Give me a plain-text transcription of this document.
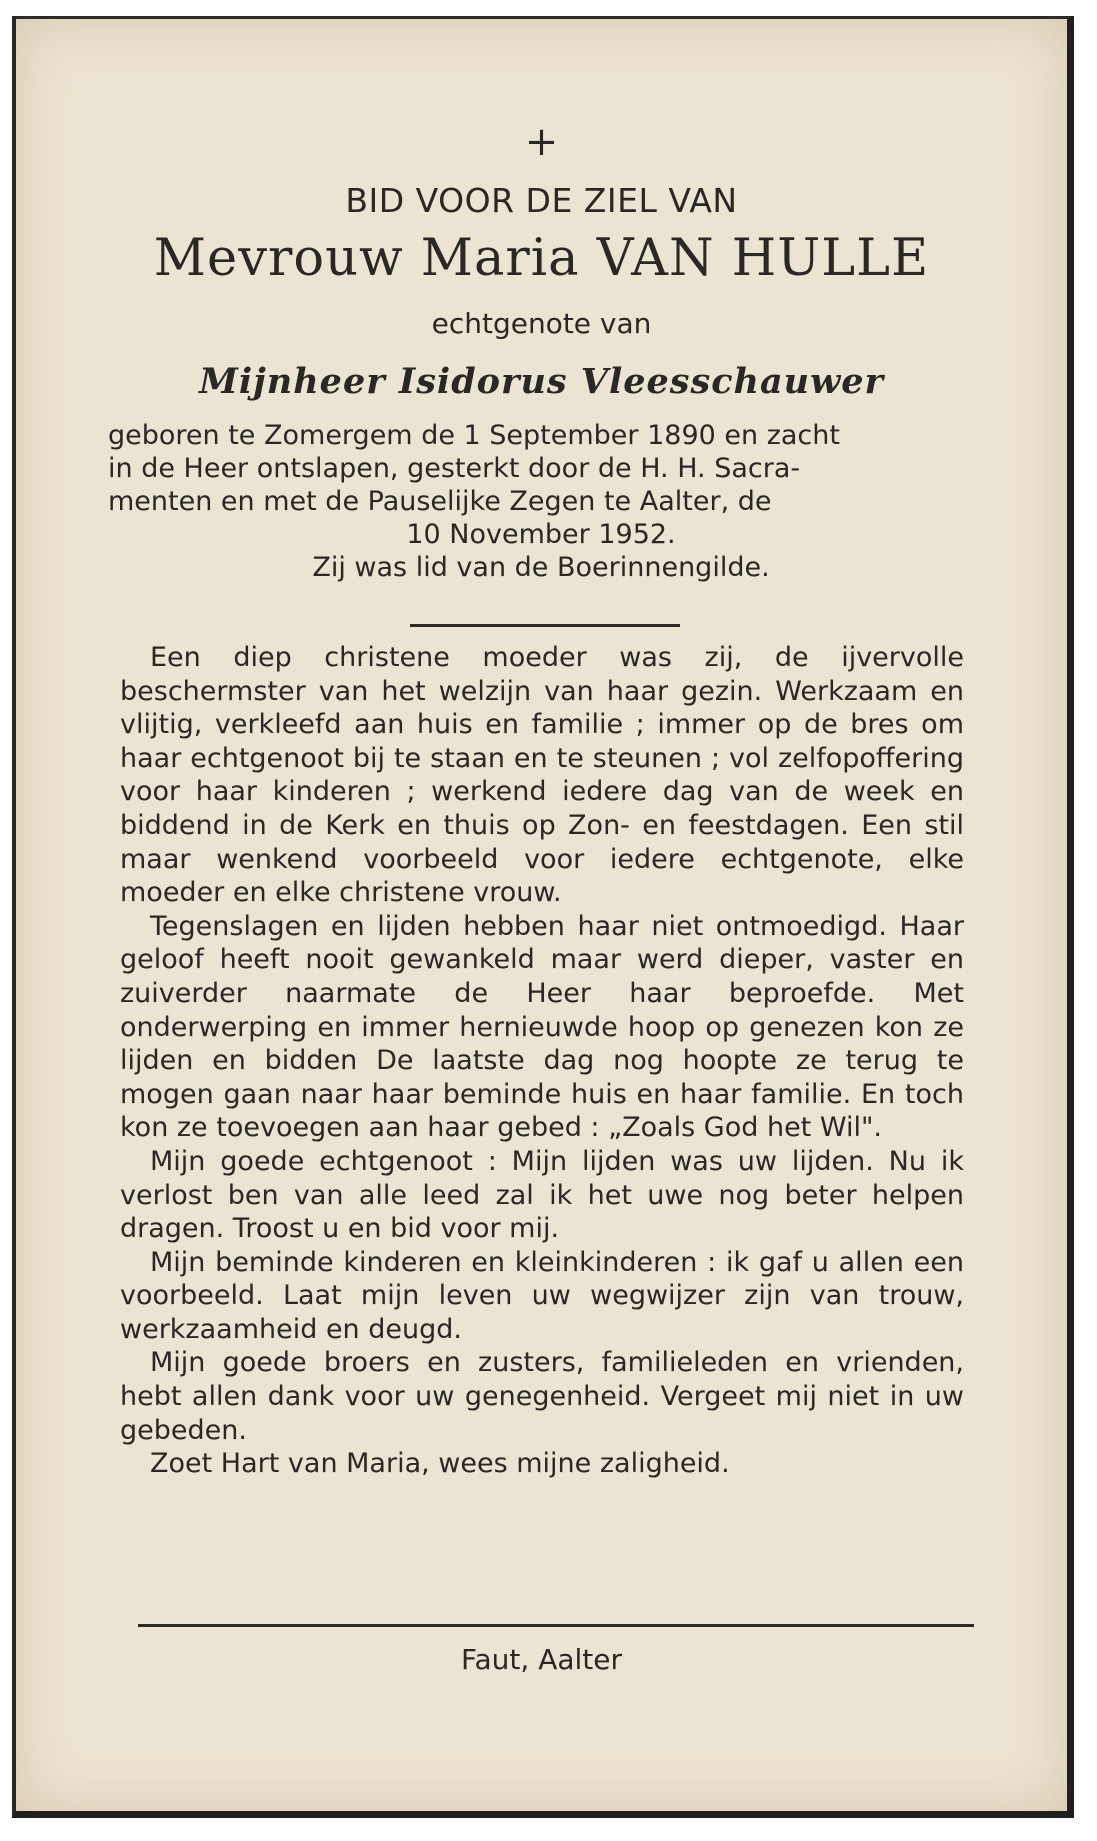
+
BID VOOR DE ZIEL VAN
Mevrouw Maria VAN HULLE
echtgenote van
Mijnheer Isidorus Vleesschauwer
geboren te Zomergem de 1 September 1890 en zacht
in de Heer ontslapen, gesterkt door de H. H. Sacra-
menten en met de Pauselijke Zegen te Aalter, de
10 November 1952.
Zij was lid van de Boerinnengilde.

Een diep christene moeder was zij, de ijvervolle beschermster van het welzijn van haar gezin. Werkzaam en vlijtig, verkleefd aan huis en familie ; immer op de bres om haar echtgenoot bij te staan en te steunen ; vol zelfopoffering voor haar kinderen ; werkend iedere dag van de week en biddend in de Kerk en thuis op Zon- en feestdagen. Een stil maar wenkend voorbeeld voor iedere echtgenote, elke moeder en elke christene vrouw.

Tegenslagen en lijden hebben haar niet ontmoedigd. Haar geloof heeft nooit gewankeld maar werd dieper, vaster en zuiverder naarmate de Heer haar beproefde. Met onderwerping en immer hernieuwde hoop op genezen kon ze lijden en bidden De laatste dag nog hoopte ze terug te mogen gaan naar haar beminde huis en haar familie. En toch kon ze toevoegen aan haar gebed : „Zoals God het Wil".

Mijn goede echtgenoot : Mijn lijden was uw lijden. Nu ik verlost ben van alle leed zal ik het uwe nog beter helpen dragen. Troost u en bid voor mij.

Mijn beminde kinderen en kleinkinderen : ik gaf u allen een voorbeeld. Laat mijn leven uw wegwijzer zijn van trouw, werkzaamheid en deugd.

Mijn goede broers en zusters, familieleden en vrienden, hebt allen dank voor uw genegenheid. Vergeet mij niet in uw gebeden.

Zoet Hart van Maria, wees mijne zaligheid.

Faut, Aalter
